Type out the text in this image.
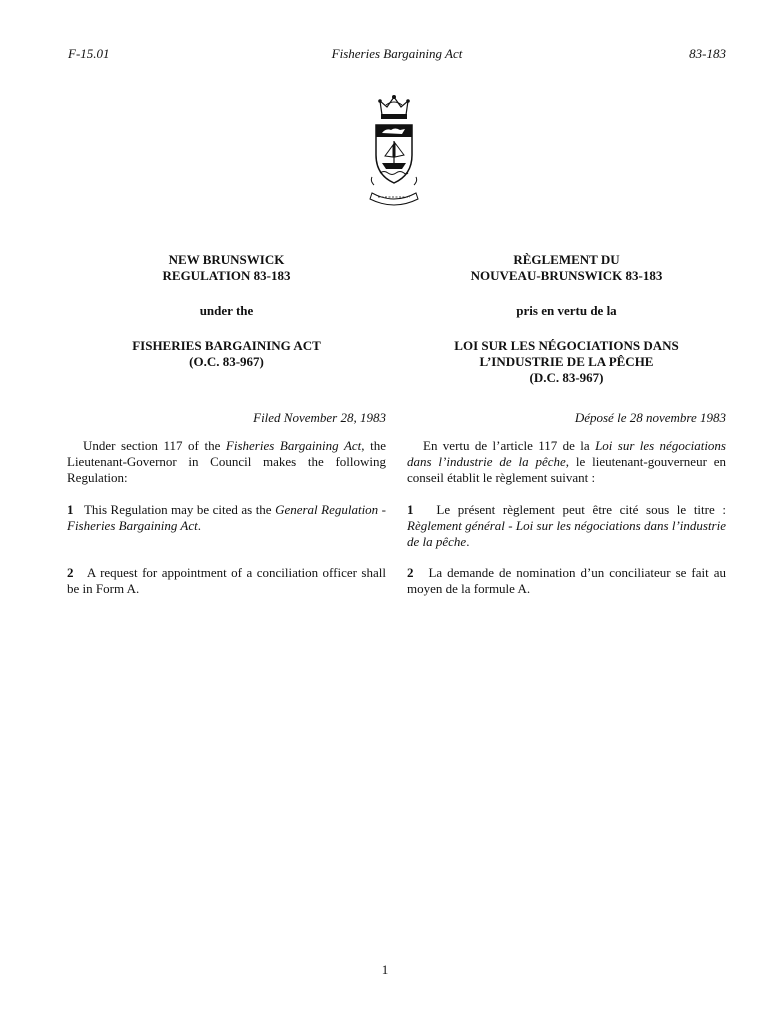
F-15.01	Fisheries Bargaining Act	83-183
NEW BRUNSWICK
REGULATION 83-183
under the
FISHERIES BARGAINING ACT
(O.C. 83-967)
Filed November 28, 1983

Under section 117 of the Fisheries Bargaining Act, the Lieutenant-Governor in Council makes the following Regulation:

1 This Regulation may be cited as the General Regulation - Fisheries Bargaining Act.

2 A request for appointment of a conciliation officer shall be in Form A.

RÈGLEMENT DU
NOUVEAU-BRUNSWICK 83-183
pris en vertu de la
LOI SUR LES NÉGOCIATIONS DANS
L’INDUSTRIE DE LA PÊCHE
(D.C. 83-967)
Déposé le 28 novembre 1983

En vertu de l’article 117 de la Loi sur les négociations dans l’industrie de la pêche, le lieutenant-gouverneur en conseil établit le règlement suivant :

1 Le présent règlement peut être cité sous le titre : Règlement général - Loi sur les négociations dans l’industrie de la pêche.

2 La demande de nomination d’un conciliateur se fait au moyen de la formule A.

1
